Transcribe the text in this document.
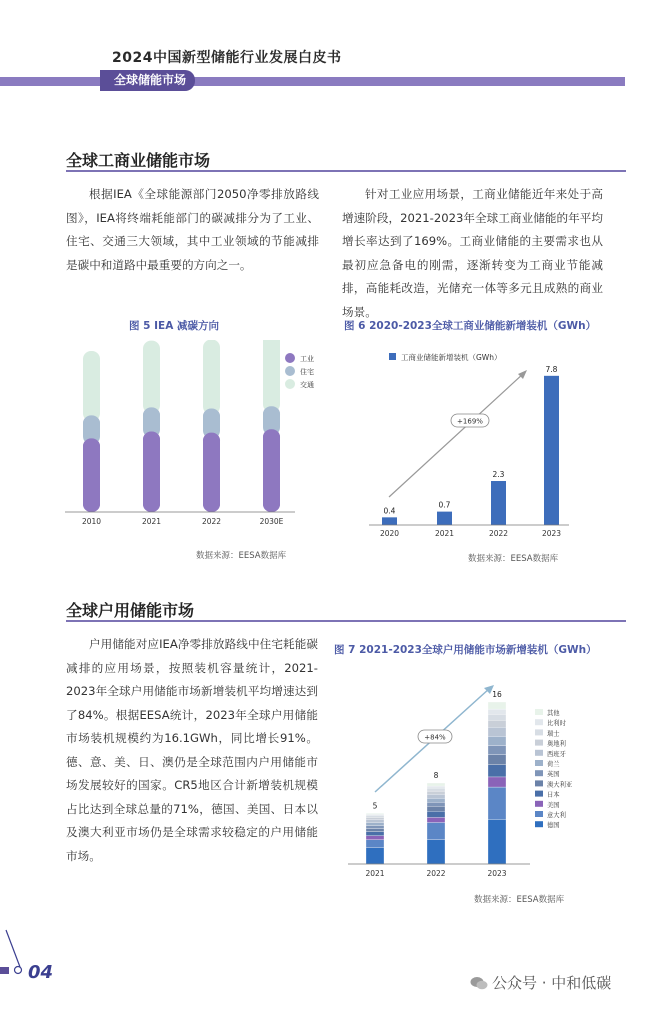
2024中国新型储能行业发展白皮书
全球储能市场
全球工商业储能市场

根据IEA《全球能源部门2050净零排放路线图》，IEA将终端耗能部门的碳减排分为了工业、住宅、交通三大领域，其中工业领域的节能减排是碳中和道路中最重要的方向之一。

针对工业应用场景，工商业储能近年来处于高增速阶段，2021-2023年全球工商业储能的年平均增长率达到了169%。工商业储能的主要需求也从最初应急备电的刚需，逐渐转变为工商业节能减排，高能耗改造，光储充一体等多元且成熟的商业场景。

图 5 IEA 减碳方向
2010	2021	2022	2030E
工业
住宅
交通
数据来源：EESA数据库
图 6 2020-2023全球工商业储能新增装机（GWh）
工商业储能新增装机（GWh）
0.4
2020
0.7
2021
2.3
2022
7.8
2023
+169%
数据来源：EESA数据库
全球户用储能市场

户用储能对应IEA净零排放路线中住宅耗能碳减排的应用场景，按照装机容量统计，2021-2023年全球户用储能市场新增装机平均增速达到了84%。根据EESA统计，2023年全球户用储能市场装机规模约为16.1GWh，同比增长91%。德、意、美、日、澳仍是全球范围内户用储能市场发展较好的国家。CR5地区合计新增装机规模占比达到全球总量的71%，德国、美国、日本以及澳大利亚市场仍是全球需求较稳定的户用储能市场。

图 7 2021-2023全球户用储能市场新增装机（GWh）
5
2021
8
2022
16
2023
+84%
其他
比利时
瑞士
奥地利
西班牙
荷兰
英国
澳大利亚
日本
美国
意大利
德国
数据来源：EESA数据库
04	公众号 · 中和低碳
